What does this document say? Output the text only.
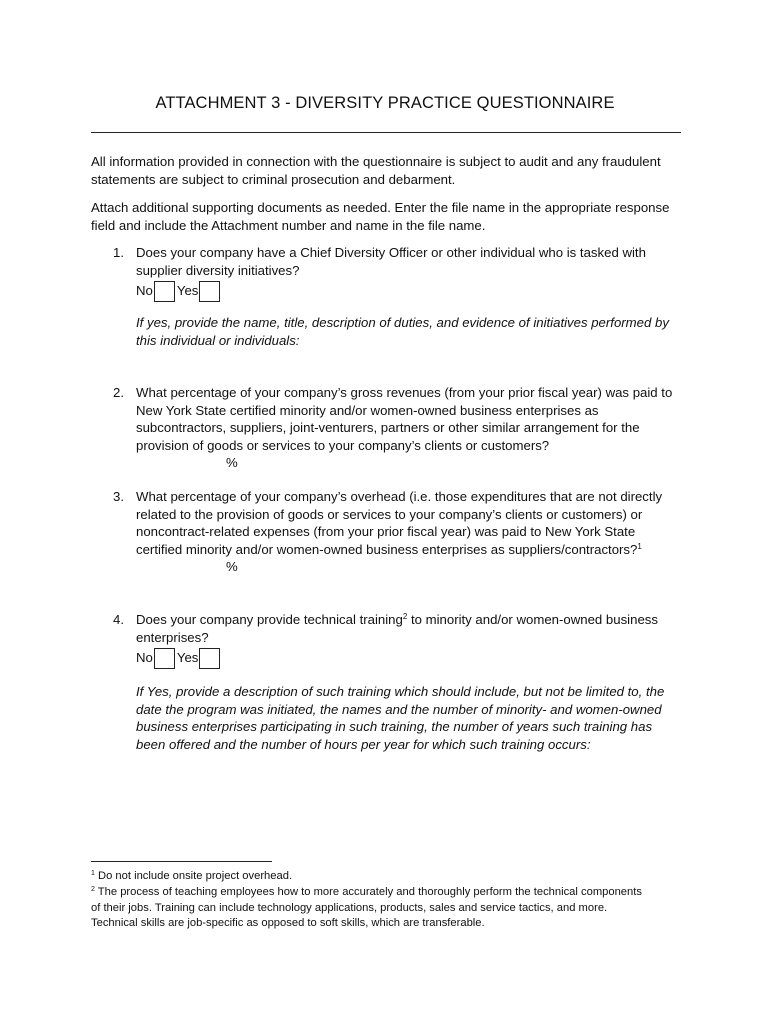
ATTACHMENT 3 - DIVERSITY PRACTICE QUESTIONNAIRE
All information provided in connection with the questionnaire is subject to audit and any fraudulent statements are subject to criminal prosecution and debarment.
Attach additional supporting documents as needed. Enter the file name in the appropriate response field and include the Attachment number and name in the file name.
1. Does your company have a Chief Diversity Officer or other individual who is tasked with supplier diversity initiatives?
No Yes
If yes, provide the name, title, description of duties, and evidence of initiatives performed by this individual or individuals:
2. What percentage of your company’s gross revenues (from your prior fiscal year) was paid to New York State certified minority and/or women-owned business enterprises as subcontractors, suppliers, joint-venturers, partners or other similar arrangement for the provision of goods or services to your company’s clients or customers?
%
3. What percentage of your company’s overhead (i.e. those expenditures that are not directly related to the provision of goods or services to your company’s clients or customers) or noncontract-related expenses (from your prior fiscal year) was paid to New York State certified minority and/or women-owned business enterprises as suppliers/contractors?$^1$
%
4. Does your company provide technical training$^2$ to minority and/or women-owned business enterprises?
No Yes
If Yes, provide a description of such training which should include, but not be limited to, the date the program was initiated, the names and the number of minority- and women-owned business enterprises participating in such training, the number of years such training has been offered and the number of hours per year for which such training occurs:
$^1$ Do not include onsite project overhead.
$^2$ The process of teaching employees how to more accurately and thoroughly perform the technical components of their jobs. Training can include technology applications, products, sales and service tactics, and more. Technical skills are job-specific as opposed to soft skills, which are transferable.
